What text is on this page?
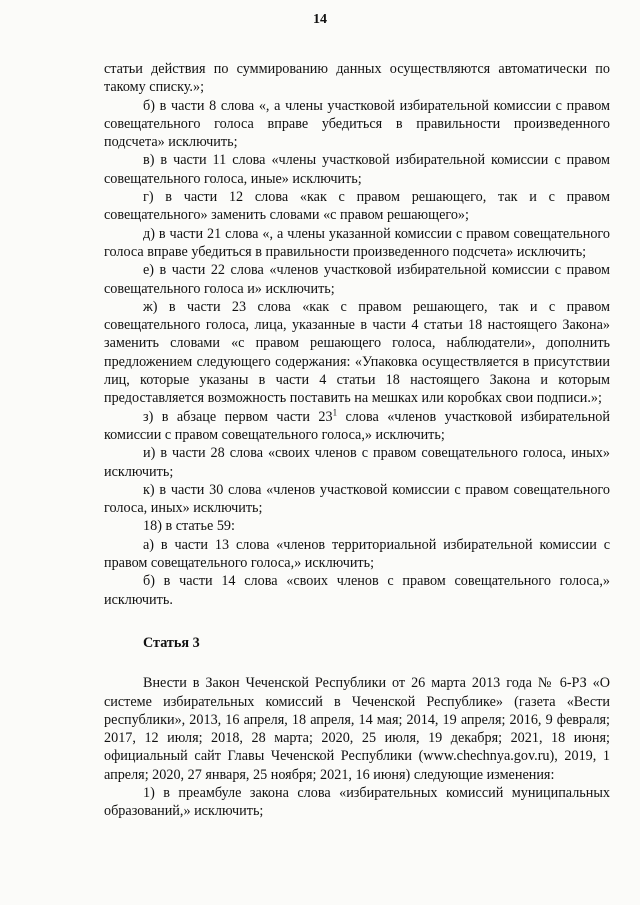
14

статьи действия по суммированию данных осуществляются автоматически по такому списку.»;

б) в части 8 слова «, а члены участковой избирательной комиссии с правом совещательного голоса вправе убедиться в правильности произведенного подсчета» исключить;

в) в части 11 слова «члены участковой избирательной комиссии с правом совещательного голоса, иные» исключить;

г) в части 12 слова «как с правом решающего, так и с правом совещательного» заменить словами «с правом решающего»;

д) в части 21 слова «, а члены указанной комиссии с правом совещательного голоса вправе убедиться в правильности произведенного подсчета» исключить;

е) в части 22 слова «членов участковой избирательной комиссии с правом совещательного голоса и» исключить;

ж) в части 23 слова «как с правом решающего, так и с правом совещательного голоса, лица, указанные в части 4 статьи 18 настоящего Закона» заменить словами «с правом решающего голоса, наблюдатели», дополнить предложением следующего содержания: «Упаковка осуществляется в присутствии лиц, которые указаны в части 4 статьи 18 настоящего Закона и которым предоставляется возможность поставить на мешках или коробках свои подписи.»;

з) в абзаце первом части $23^1$ слова «членов участковой избирательной комиссии с правом совещательного голоса,» исключить;

и) в части 28 слова «своих членов с правом совещательного голоса, иных» исключить;

к) в части 30 слова «членов участковой комиссии с правом совещательного голоса, иных» исключить;

18) в статье 59:

а) в части 13 слова «членов территориальной избирательной комиссии с правом совещательного голоса,» исключить;

б) в части 14 слова «своих членов с правом совещательного голоса,» исключить.

Статья 3

Внести в Закон Чеченской Республики от 26 марта 2013 года № 6-РЗ «О системе избирательных комиссий в Чеченской Республике» (газета «Вести республики», 2013, 16 апреля, 18 апреля, 14 мая; 2014, 19 апреля; 2016, 9 февраля; 2017, 12 июля; 2018, 28 марта; 2020, 25 июля, 19 декабря; 2021, 18 июня; официальный сайт Главы Чеченской Республики (www.chechnya.gov.ru), 2019, 1 апреля; 2020, 27 января, 25 ноября; 2021, 16 июня) следующие изменения:

1) в преамбуле закона слова «избирательных комиссий муниципальных образований,» исключить;
